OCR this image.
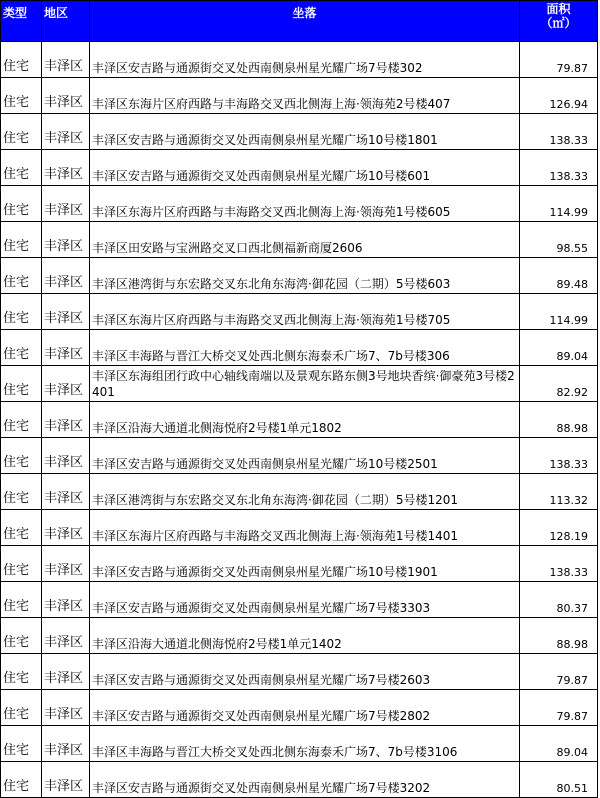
类型	地区	坐落	面积
（㎡）
住宅	丰泽区	丰泽区安吉路与通源街交叉处西南侧泉州星光耀广场7号楼302	79.87
住宅	丰泽区	丰泽区东海片区府西路与丰海路交叉西北侧海上海·领海苑2号楼407	126.94
住宅	丰泽区	丰泽区安吉路与通源街交叉处西南侧泉州星光耀广场10号楼1801	138.33
住宅	丰泽区	丰泽区安吉路与通源街交叉处西南侧泉州星光耀广场10号楼601	138.33
住宅	丰泽区	丰泽区东海片区府西路与丰海路交叉西北侧海上海·领海苑1号楼605	114.99
住宅	丰泽区	丰泽区田安路与宝洲路交叉口西北侧福新商厦2606	98.55
住宅	丰泽区	丰泽区港湾街与东宏路交叉东北角东海湾·御花园（二期）5号楼603	89.48
住宅	丰泽区	丰泽区东海片区府西路与丰海路交叉西北侧海上海·领海苑1号楼705	114.99
住宅	丰泽区	丰泽区丰海路与晋江大桥交叉处西北侧东海泰禾广场7、7b号楼306	89.04
住宅	丰泽区	丰泽区东海组团行政中心轴线南端以及景观东路东侧3号地块香缤·御豪苑3号楼2401	82.92
住宅	丰泽区	丰泽区沿海大通道北侧海悦府2号楼1单元1802	88.98
住宅	丰泽区	丰泽区安吉路与通源街交叉处西南侧泉州星光耀广场10号楼2501	138.33
住宅	丰泽区	丰泽区港湾街与东宏路交叉东北角东海湾·御花园（二期）5号楼1201	113.32
住宅	丰泽区	丰泽区东海片区府西路与丰海路交叉西北侧海上海·领海苑1号楼1401	128.19
住宅	丰泽区	丰泽区安吉路与通源街交叉处西南侧泉州星光耀广场10号楼1901	138.33
住宅	丰泽区	丰泽区安吉路与通源街交叉处西南侧泉州星光耀广场7号楼3303	80.37
住宅	丰泽区	丰泽区沿海大通道北侧海悦府2号楼1单元1402	88.98
住宅	丰泽区	丰泽区安吉路与通源街交叉处西南侧泉州星光耀广场7号楼2603	79.87
住宅	丰泽区	丰泽区安吉路与通源街交叉处西南侧泉州星光耀广场7号楼2802	79.87
住宅	丰泽区	丰泽区丰海路与晋江大桥交叉处西北侧东海泰禾广场7、7b号楼3106	89.04
住宅	丰泽区	丰泽区安吉路与通源街交叉处西南侧泉州星光耀广场7号楼3202	80.51
